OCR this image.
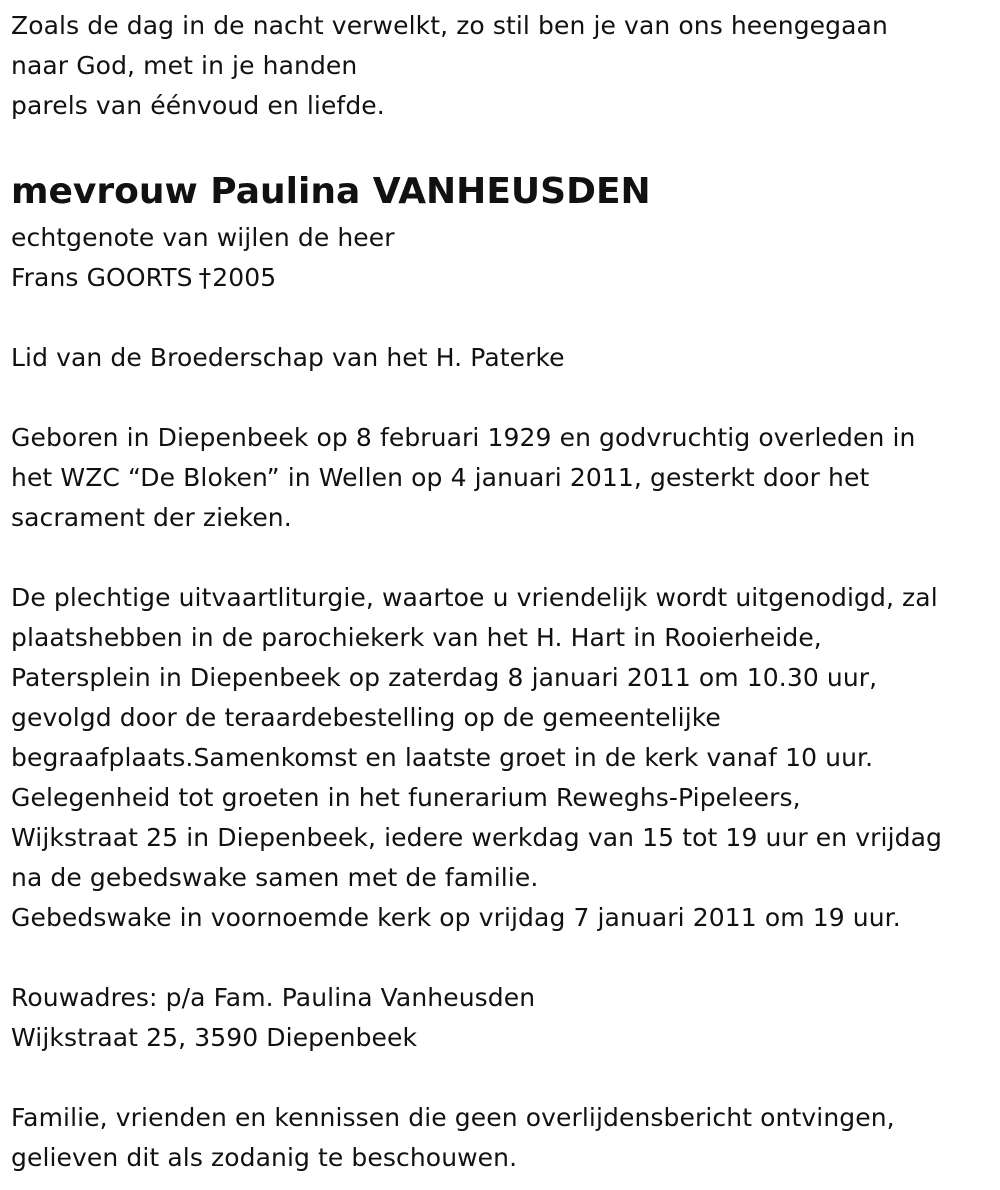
Zoals de dag in de nacht verwelkt, zo stil ben je van ons heengegaan
naar God, met in je handen
parels van éénvoud en liefde.
mevrouw Paulina VANHEUSDEN
echtgenote van wijlen de heer
Frans GOORTS †2005
Lid van de Broederschap van het H. Paterke
Geboren in Diepenbeek op 8 februari 1929 en godvruchtig overleden in
het WZC “De Bloken” in Wellen op 4 januari 2011, gesterkt door het
sacrament der zieken.
De plechtige uitvaartliturgie, waartoe u vriendelijk wordt uitgenodigd, zal
plaatshebben in de parochiekerk van het H. Hart in Rooierheide,
Patersplein in Diepenbeek op zaterdag 8 januari 2011 om 10.30 uur,
gevolgd door de teraardebestelling op de gemeentelijke
begraafplaats.Samenkomst en laatste groet in de kerk vanaf 10 uur.
Gelegenheid tot groeten in het funerarium Reweghs-Pipeleers,
Wijkstraat 25 in Diepenbeek, iedere werkdag van 15 tot 19 uur en vrijdag
na de gebedswake samen met de familie.
Gebedswake in voornoemde kerk op vrijdag 7 januari 2011 om 19 uur.
Rouwadres: p/a Fam. Paulina Vanheusden
Wijkstraat 25, 3590 Diepenbeek
Familie, vrienden en kennissen die geen overlijdensbericht ontvingen,
gelieven dit als zodanig te beschouwen.
